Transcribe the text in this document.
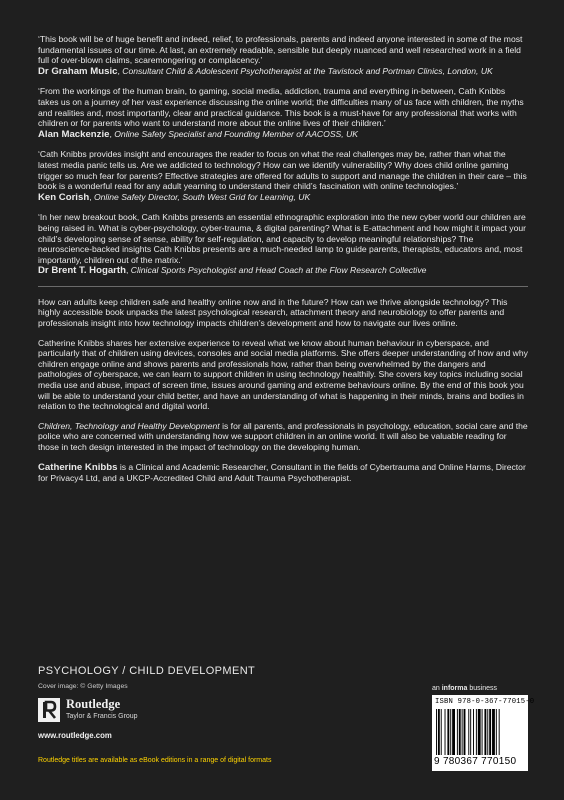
‘This book will be of huge benefit and indeed, relief, to professionals, parents and indeed anyone interested in some of the most fundamental issues of our time. At last, an extremely readable, sensible but deeply nuanced and well researched work in a field full of over-blown claims, scaremongering or complacency.’
Dr Graham Music, Consultant Child & Adolescent Psychotherapist at the Tavistock and Portman Clinics, London, UK
‘From the workings of the human brain, to gaming, social media, addiction, trauma and everything in-between, Cath Knibbs takes us on a journey of her vast experience discussing the online world; the difficulties many of us face with children, the myths and realities and, most importantly, clear and practical guidance. This book is a must-have for any professional that works with children or for parents who want to understand more about the online lives of their children.’
Alan Mackenzie, Online Safety Specialist and Founding Member of AACOSS, UK
‘Cath Knibbs provides insight and encourages the reader to focus on what the real challenges may be, rather than what the latest media panic tells us. Are we addicted to technology? How can we identify vulnerability? Why does child online gaming trigger so much fear for parents? Effective strategies are offered for adults to support and manage the children in their care – this book is a wonderful read for any adult yearning to understand their child’s fascination with online technologies.’
Ken Corish, Online Safety Director, South West Grid for Learning, UK
‘In her new breakout book, Cath Knibbs presents an essential ethnographic exploration into the new cyber world our children are being raised in. What is cyber-psychology, cyber-trauma, & digital parenting? What is E-attachment and how might it impact your child’s developing sense of sense, ability for self-regulation, and capacity to develop meaningful relationships? The neuroscience-backed insights Cath Knibbs presents are a much-needed lamp to guide parents, therapists, educators and, most importantly, children out of the matrix.’
Dr Brent T. Hogarth, Clinical Sports Psychologist and Head Coach at the Flow Research Collective

How can adults keep children safe and healthy online now and in the future? How can we thrive alongside technology? This highly accessible book unpacks the latest psychological research, attachment theory and neurobiology to offer parents and professionals insight into how technology impacts children’s development and how to navigate our lives online.

Catherine Knibbs shares her extensive experience to reveal what we know about human behaviour in cyberspace, and particularly that of children using devices, consoles and social media platforms. She offers deeper understanding of how and why children engage online and shows parents and professionals how, rather than being overwhelmed by the dangers and pathologies of cyberspace, we can learn to support children in using technology healthily. She covers key topics including social media use and abuse, impact of screen time, issues around gaming and extreme behaviours online. By the end of this book you will be able to understand your child better, and have an understanding of what is happening in their minds, brains and bodies in relation to the technological and digital world.

Children, Technology and Healthy Development is for all parents, and professionals in psychology, education, social care and the police who are concerned with understanding how we support children in an online world. It will also be valuable reading for those in tech design interested in the impact of technology on the developing human.

Catherine Knibbs is a Clinical and Academic Researcher, Consultant in the fields of Cybertrauma and Online Harms, Director for Privacy4 Ltd, and a UKCP-Accredited Child and Adult Trauma Psychotherapist.

PSYCHOLOGY / CHILD DEVELOPMENT
Cover image: © Getty Images
Routledge
Taylor & Francis Group
www.routledge.com
Routledge titles are available as eBook editions in a range of digital formats
an informa business
ISBN 978-0-367-77015-0
9 780367 770150
